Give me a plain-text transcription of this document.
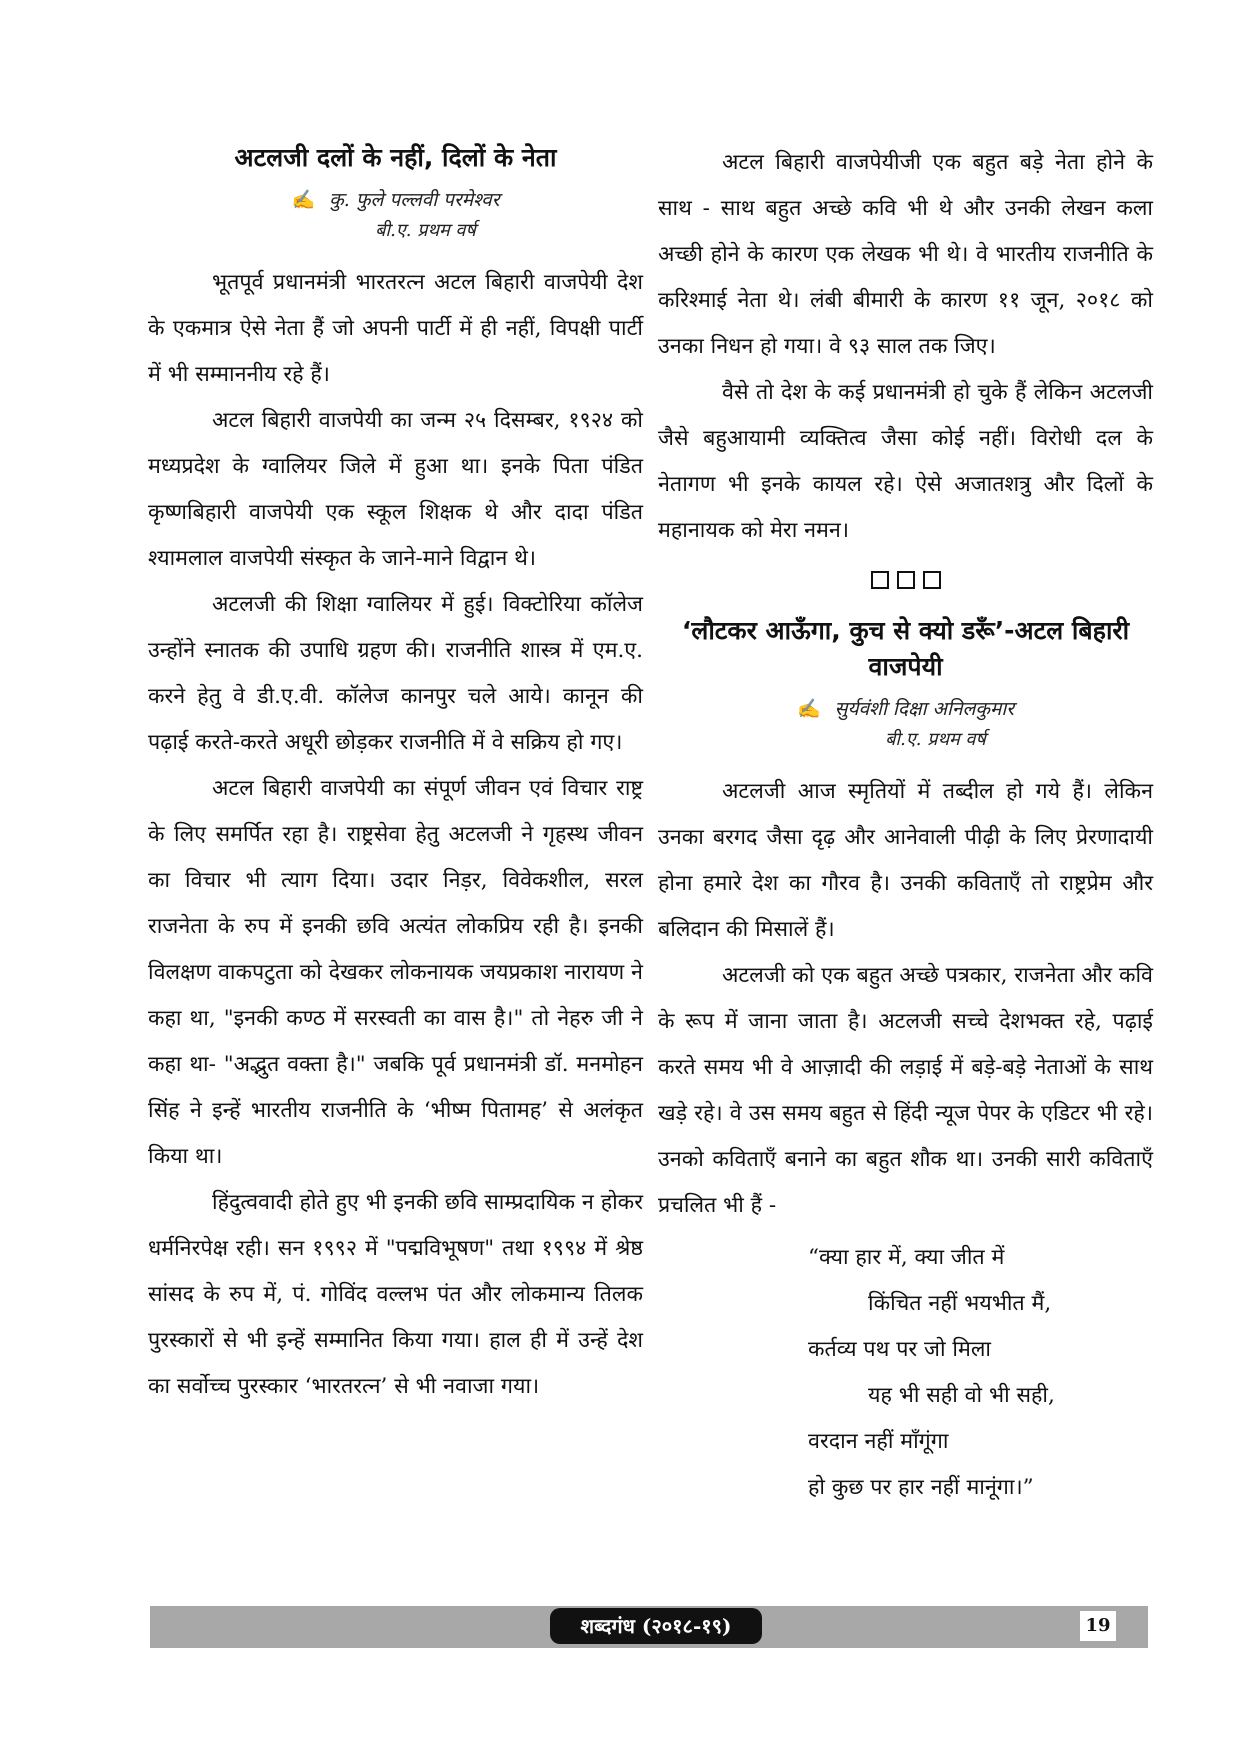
अटलजी दलों के नहीं, दिलों के नेता

✍ कु. फुले पल्लवी परमेश्वर

बी.ए. प्रथम वर्ष

भूतपूर्व प्रधानमंत्री भारतरत्न अटल बिहारी वाजपेयी देश के एकमात्र ऐसे नेता हैं जो अपनी पार्टी में ही नहीं, विपक्षी पार्टी में भी सम्माननीय रहे हैं।

अटल बिहारी वाजपेयी का जन्म २५ दिसम्बर, १९२४ को मध्यप्रदेश के ग्वालियर जिले में हुआ था। इनके पिता पंडित कृष्णबिहारी वाजपेयी एक स्कूल शिक्षक थे और दादा पंडित श्यामलाल वाजपेयी संस्कृत के जाने-माने विद्वान थे।

अटलजी की शिक्षा ग्वालियर में हुई। विक्टोरिया कॉलेज उन्होंने स्नातक की उपाधि ग्रहण की। राजनीति शास्त्र में एम.ए. करने हेतु वे डी.ए.वी. कॉलेज कानपुर चले आये। कानून की पढ़ाई करते-करते अधूरी छोड़कर राजनीति में वे सक्रिय हो गए।

अटल बिहारी वाजपेयी का संपूर्ण जीवन एवं विचार राष्ट्र के लिए समर्पित रहा है। राष्ट्रसेवा हेतु अटलजी ने गृहस्थ जीवन का विचार भी त्याग दिया। उदार निड़र, विवेकशील, सरल राजनेता के रुप में इनकी छवि अत्यंत लोकप्रिय रही है। इनकी विलक्षण वाकपटुता को देखकर लोकनायक जयप्रकाश नारायण ने कहा था, "इनकी कण्ठ में सरस्वती का वास है।" तो नेहरु जी ने कहा था- "अद्भुत वक्ता है।" जबकि पूर्व प्रधानमंत्री डॉ. मनमोहन सिंह ने इन्हें भारतीय राजनीति के ‘भीष्म पितामह’ से अलंकृत किया था।

हिंदुत्ववादी होते हुए भी इनकी छवि साम्प्रदायिक न होकर धर्मनिरपेक्ष रही। सन १९९२ में "पद्मविभूषण" तथा १९९४ में श्रेष्ठ सांसद के रुप में, पं. गोविंद वल्लभ पंत और लोकमान्य तिलक पुरस्कारों से भी इन्हें सम्मानित किया गया। हाल ही में उन्हें देश का सर्वोच्च पुरस्कार ‘भारतरत्न’ से भी नवाजा गया।

अटल बिहारी वाजपेयीजी एक बहुत बड़े नेता होने के साथ - साथ बहुत अच्छे कवि भी थे और उनकी लेखन कला अच्छी होने के कारण एक लेखक भी थे। वे भारतीय राजनीति के करिश्माई नेता थे। लंबी बीमारी के कारण ११ जून, २०१८ को उनका निधन हो गया। वे ९३ साल तक जिए।

वैसे तो देश के कई प्रधानमंत्री हो चुके हैं लेकिन अटलजी जैसे बहुआयामी व्यक्तित्व जैसा कोई नहीं। विरोधी दल के नेतागण भी इनके कायल रहे। ऐसे अजातशत्रु और दिलों के महानायक को मेरा नमन।

‘लौटकर आऊँगा, कुच से क्यो डरूँ’-अटल बिहारी वाजपेयी

✍ सुर्यवंशी दिक्षा अनिलकुमार

बी.ए. प्रथम वर्ष

अटलजी आज स्मृतियों में तब्दील हो गये हैं। लेकिन उनका बरगद जैसा दृढ़ और आनेवाली पीढ़ी के लिए प्रेरणादायी होना हमारे देश का गौरव है। उनकी कविताएँ तो राष्ट्रप्रेम और बलिदान की मिसालें हैं।

अटलजी को एक बहुत अच्छे पत्रकार, राजनेता और कवि के रूप में जाना जाता है। अटलजी सच्चे देशभक्त रहे, पढ़ाई करते समय भी वे आज़ादी की लड़ाई में बड़े-बड़े नेताओं के साथ खड़े रहे। वे उस समय बहुत से हिंदी न्यूज पेपर के एडिटर भी रहे। उनको कविताएँ बनाने का बहुत शौक था। उनकी सारी कविताएँ प्रचलित भी हैं -

“क्या हार में, क्या जीत में
किंचित नहीं भयभीत मैं,
कर्तव्य पथ पर जो मिला
यह भी सही वो भी सही,
वरदान नहीं माँगूंगा
हो कुछ पर हार नहीं मानूंगा।”
शब्दगंध (२०१८-१९)	19
